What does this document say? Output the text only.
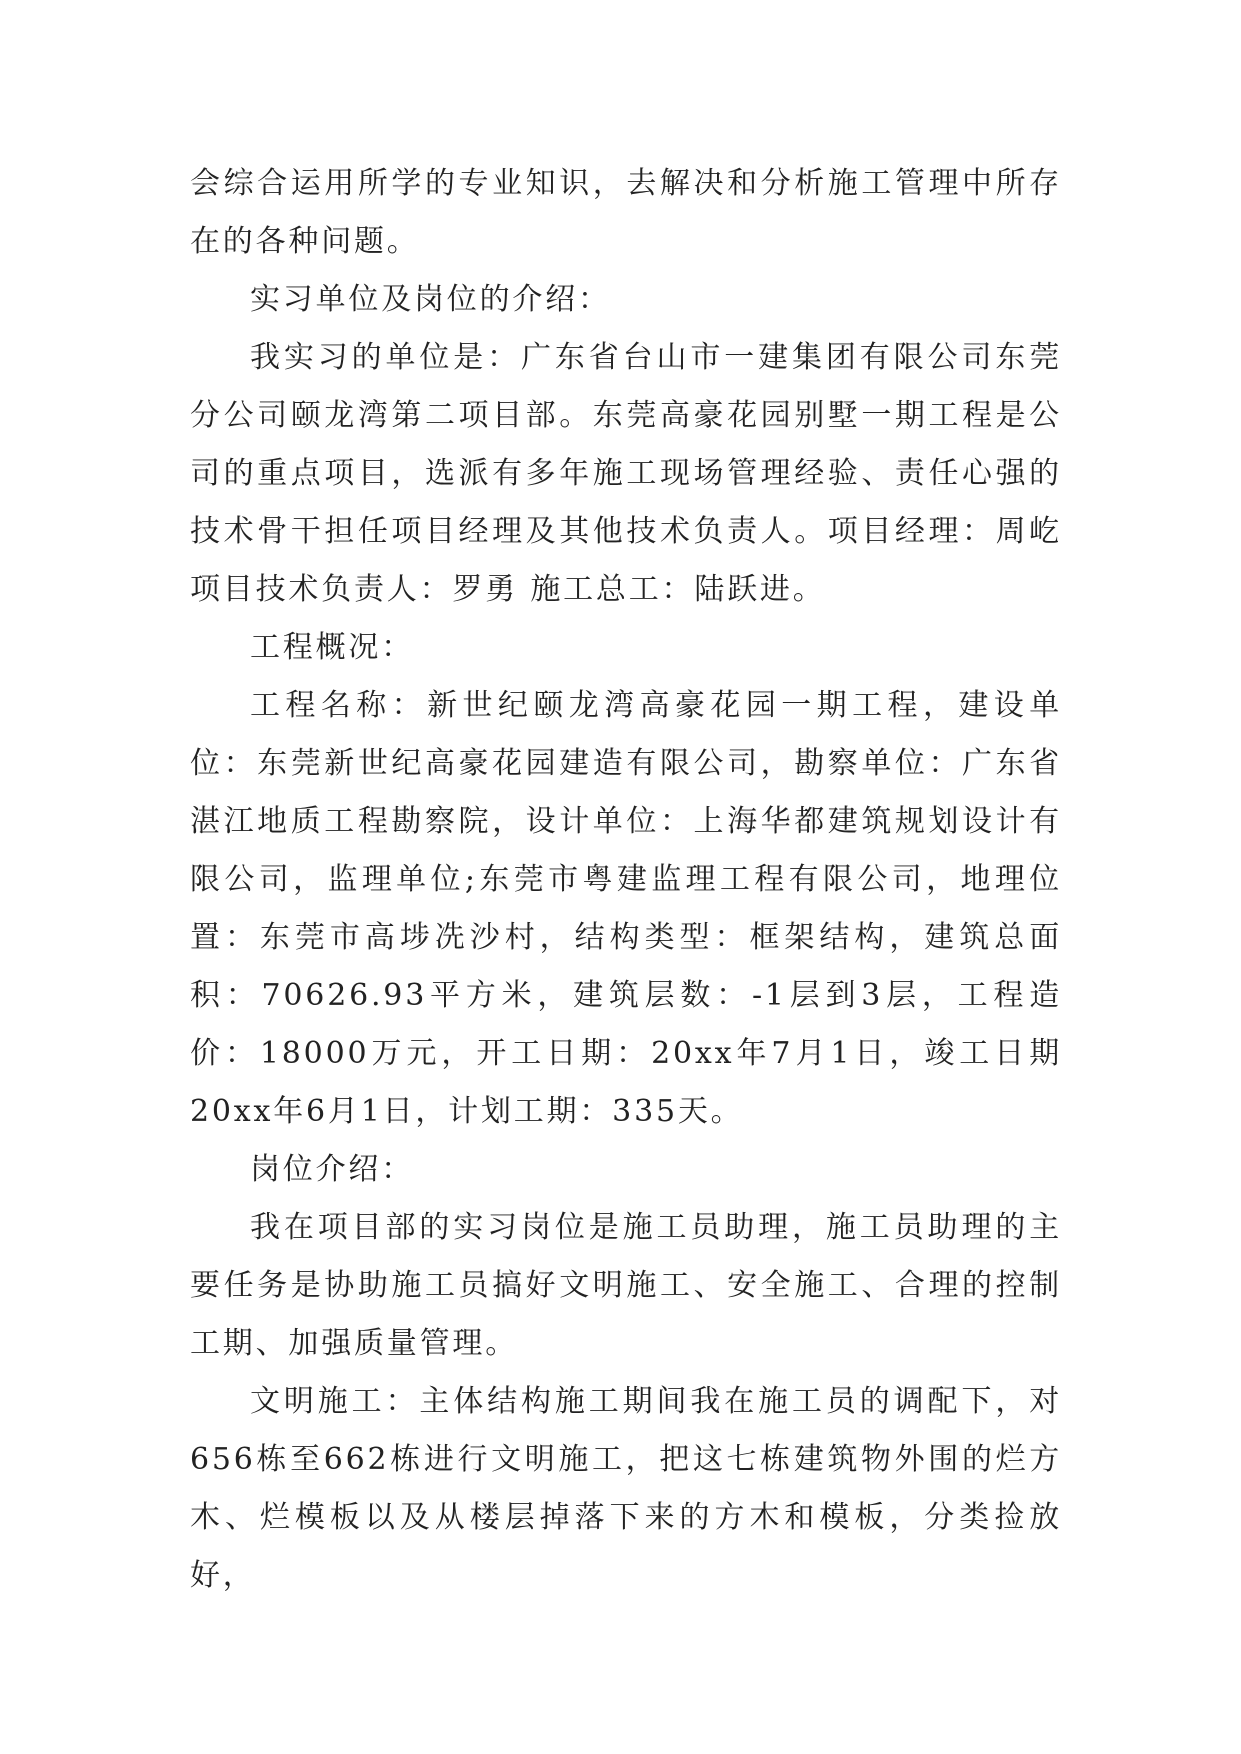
会综合运用所学的专业知识，去解决和分析施工管理中所存在的各种问题。

实习单位及岗位的介绍：

我实习的单位是：广东省台山市一建集团有限公司东莞分公司颐龙湾第二项目部。东莞高豪花园别墅一期工程是公司的重点项目，选派有多年施工现场管理经验、责任心强的技术骨干担任项目经理及其他技术负责人。项目经理：周屹 项目技术负责人：罗勇 施工总工：陆跃进。

工程概况：

工程名称：新世纪颐龙湾高豪花园一期工程，建设单位：东莞新世纪高豪花园建造有限公司，勘察单位：广东省湛江地质工程勘察院，设计单位：上海华都建筑规划设计有限公司，监理单位;东莞市粤建监理工程有限公司，地理位置：东莞市高埗冼沙村，结构类型：框架结构，建筑总面积：70626.93平方米，建筑层数：-1层到3层，工程造价：18000万元，开工日期：20xx年7月1日，竣工日期20xx年6月1日，计划工期：335天。

岗位介绍：

我在项目部的实习岗位是施工员助理，施工员助理的主要任务是协助施工员搞好文明施工、安全施工、合理的控制工期、加强质量管理。

文明施工：主体结构施工期间我在施工员的调配下，对656栋至662栋进行文明施工，把这七栋建筑物外围的烂方木、烂模板以及从楼层掉落下来的方木和模板，分类捡放好，
